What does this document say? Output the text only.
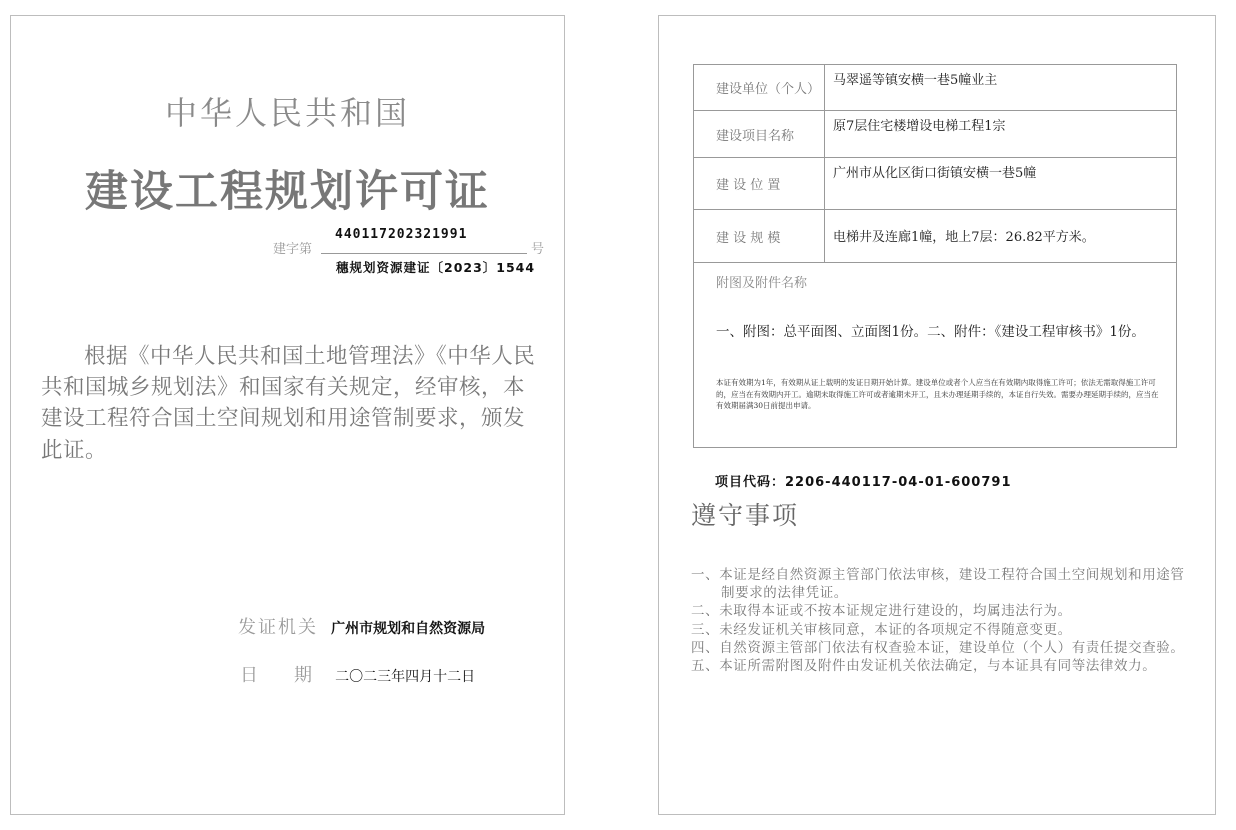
中华人民共和国
建设工程规划许可证
建字第
440117202321991
号
穗规划资源建证〔2023〕1544
根据《中华人民共和国土地管理法》《中华人民共和国城乡规划法》和国家有关规定，经审核，本建设工程符合国土空间规划和用途管制要求，颁发此证。
发证机关 广州市规划和自然资源局
日 期 二〇二三年四月十二日
建设单位（个人）
马翠遥等镇安横一巷5幢业主
建设项目名称
原7层住宅楼增设电梯工程1宗
建 设 位 置
广州市从化区街口街镇安横一巷5幢
建 设 规 模	电梯井及连廊1幢，地上7层：26.82平方米。
附图及附件名称
一、附图：总平面图、立面图1份。二、附件：《建设工程审核书》1份。
本证有效期为1年，有效期从证上载明的发证日期开始计算。建设单位或者个人应当在有效期内取得施工许可；依法无需取得施工许可的，应当在有效期内开工。逾期未取得施工许可或者逾期未开工，且未办理延期手续的，本证自行失效。需要办理延期手续的，应当在有效期届满30日前提出申请。
项目代码：2206-440117-04-01-600791
遵守事项
一、本证是经自然资源主管部门依法审核，建设工程符合国土空间规划和用途管制要求的法律凭证。
二、未取得本证或不按本证规定进行建设的，均属违法行为。
三、未经发证机关审核同意，本证的各项规定不得随意变更。
四、自然资源主管部门依法有权查验本证，建设单位（个人）有责任提交查验。
五、本证所需附图及附件由发证机关依法确定，与本证具有同等法律效力。
